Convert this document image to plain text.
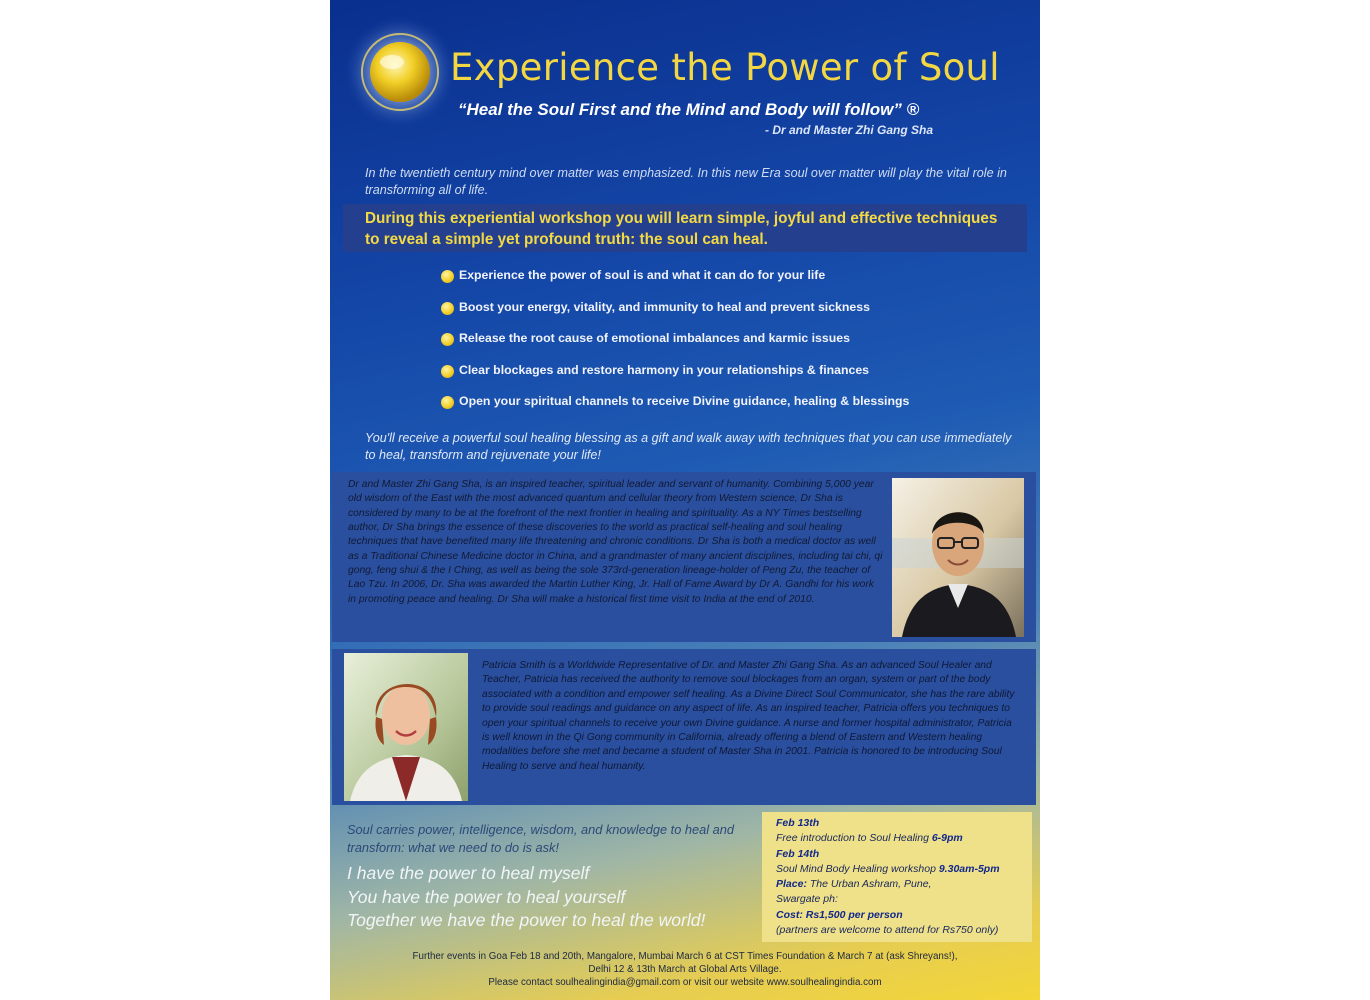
Experience the Power of Soul
“Heal the Soul First and the Mind and Body will follow” ®
- Dr and Master Zhi Gang Sha
In the twentieth century mind over matter was emphasized. In this new Era soul over matter will play the vital role in transforming all of life.
During this experiential workshop you will learn simple, joyful and effective techniques to reveal a simple yet profound truth: the soul can heal.
Experience the power of soul is and what it can do for your life
Boost your energy, vitality, and immunity to heal and prevent sickness
Release the root cause of emotional imbalances and karmic issues
Clear blockages and restore harmony in your relationships & finances
Open your spiritual channels to receive Divine guidance, healing & blessings
You'll receive a powerful soul healing blessing as a gift and walk away with techniques that you can use immediately to heal, transform and rejuvenate your life!
Dr and Master Zhi Gang Sha, is an inspired teacher, spiritual leader and servant of humanity. Combining 5,000 year old wisdom of the East with the most advanced quantum and cellular theory from Western science, Dr Sha is considered by many to be at the forefront of the next frontier in healing and spirituality. As a NY Times bestselling author, Dr Sha brings the essence of these discoveries to the world as practical self-healing and soul healing techniques that have benefited many life threatening and chronic conditions. Dr Sha is both a medical doctor as well as a Traditional Chinese Medicine doctor in China, and a grandmaster of many ancient disciplines, including tai chi, qi gong, feng shui & the I Ching, as well as being the sole 373rd-generation lineage-holder of Peng Zu, the teacher of Lao Tzu. In 2006, Dr. Sha was awarded the Martin Luther King, Jr. Hall of Fame Award by Dr A. Gandhi for his work in promoting peace and healing. Dr Sha will make a historical first time visit to India at the end of 2010.
Patricia Smith is a Worldwide Representative of Dr. and Master Zhi Gang Sha. As an advanced Soul Healer and Teacher, Patricia has received the authority to remove soul blockages from an organ, system or part of the body associated with a condition and empower self healing. As a Divine Direct Soul Communicator, she has the rare ability to provide soul readings and guidance on any aspect of life. As an inspired teacher, Patricia offers you techniques to open your spiritual channels to receive your own Divine guidance. A nurse and former hospital administrator, Patricia is well known in the Qi Gong community in California, already offering a blend of Eastern and Western healing modalities before she met and became a student of Master Sha in 2001. Patricia is honored to be introducing Soul Healing to serve and heal humanity.
Soul carries power, intelligence, wisdom, and knowledge to heal and transform: what we need to do is ask!
I have the power to heal myself
You have the power to heal yourself
Together we have the power to heal the world!
Feb 13th
Free introduction to Soul Healing 6-9pm
Feb 14th
Soul Mind Body Healing workshop 9.30am-5pm
Place: The Urban Ashram, Pune,
Swargate ph:
Cost: Rs1,500 per person
(partners are welcome to attend for Rs750 only)
Further events in Goa Feb 18 and 20th, Mangalore, Mumbai March 6 at CST Times Foundation & March 7 at (ask Shreyans!),
Delhi 12 & 13th March at Global Arts Village.
Please contact soulhealingindia@gmail.com or visit our website www.soulhealingindia.com
